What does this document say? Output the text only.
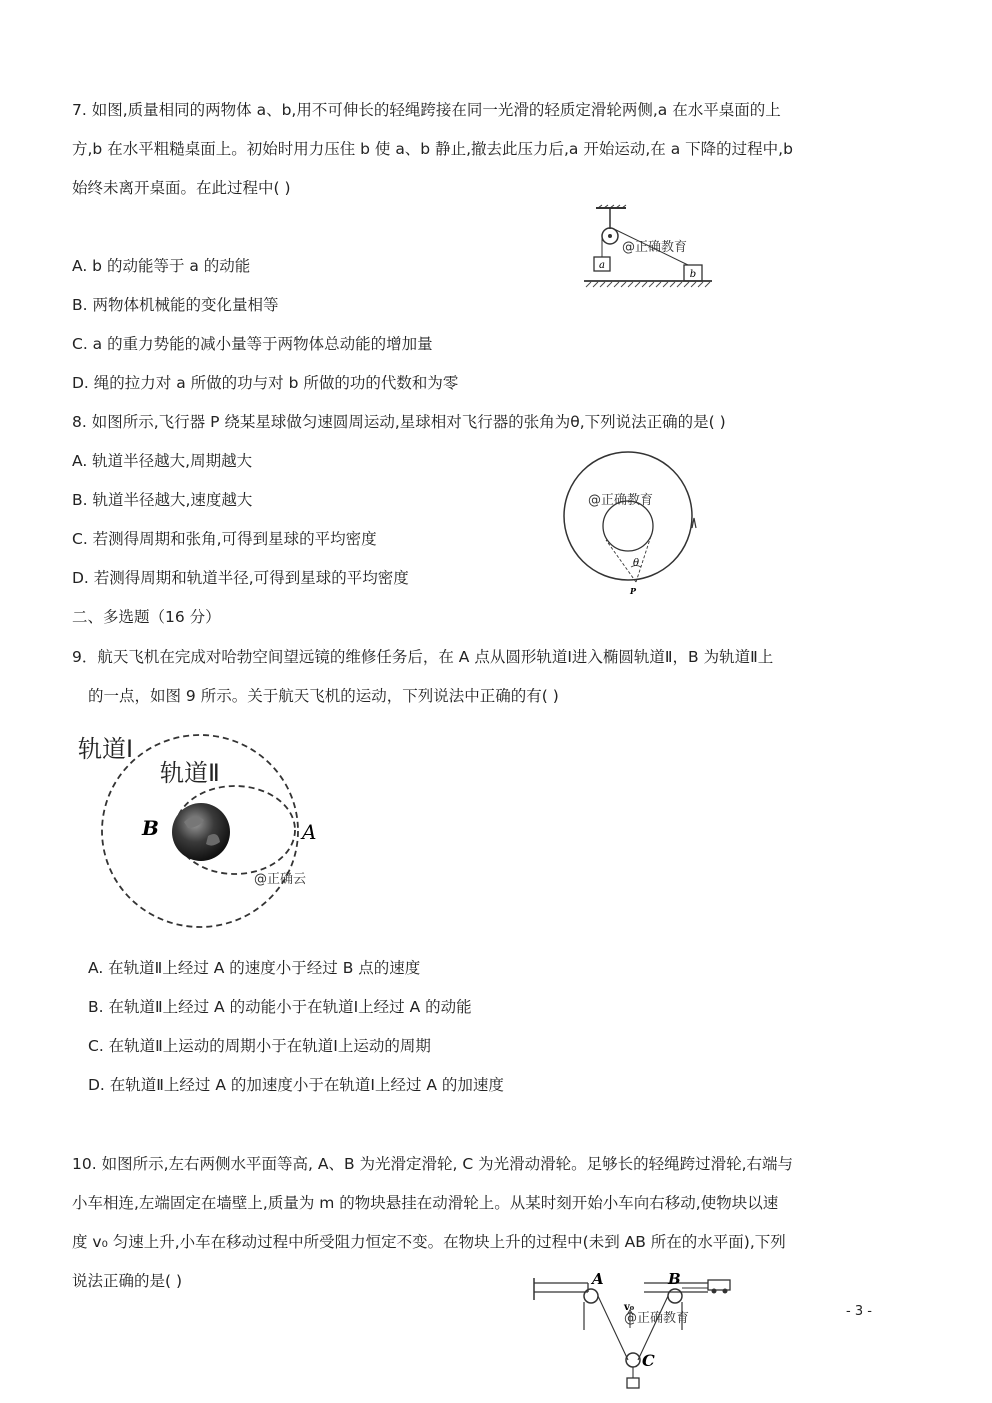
7. 如图,质量相同的两物体 a、b,用不可伸长的轻绳跨接在同一光滑的轻质定滑轮两侧,a 在水平桌面的上
方,b 在水平粗糙桌面上。初始时用力压住 b 使 a、b 静止,撤去此压力后,a 开始运动,在 a 下降的过程中,b
始终未离开桌面。在此过程中( )
a
b
@正确教育
A. b 的动能等于 a 的动能
B. 两物体机械能的变化量相等
C. a 的重力势能的减小量等于两物体总动能的增加量
D. 绳的拉力对 a 所做的功与对 b 所做的功的代数和为零
8. 如图所示,飞行器 P 绕某星球做匀速圆周运动,星球相对飞行器的张角为θ,下列说法正确的是( )
A. 轨道半径越大,周期越大
B. 轨道半径越大,速度越大
C. 若测得周期和张角,可得到星球的平均密度
D. 若测得周期和轨道半径,可得到星球的平均密度
θ
P
@正确教育
二、多选题（16 分）
9．航天飞机在完成对哈勃空间望远镜的维修任务后，在 A 点从圆形轨道Ⅰ进入椭圆轨道Ⅱ，B 为轨道Ⅱ上
的一点，如图 9 所示。关于航天飞机的运动，下列说法中正确的有( )
轨道Ⅰ
轨道Ⅱ
B	A
@正确云
A. 在轨道Ⅱ上经过 A 的速度小于经过 B 点的速度
B. 在轨道Ⅱ上经过 A 的动能小于在轨道Ⅰ上经过 A 的动能
C. 在轨道Ⅱ上运动的周期小于在轨道Ⅰ上运动的周期
D. 在轨道Ⅱ上经过 A 的加速度小于在轨道Ⅰ上经过 A 的加速度
10. 如图所示,左右两侧水平面等高, A、B 为光滑定滑轮, C 为光滑动滑轮。足够长的轻绳跨过滑轮,右端与
小车相连,左端固定在墙壁上,质量为 m 的物块悬挂在动滑轮上。从某时刻开始小车向右移动,使物块以速
度 v₀ 匀速上升,小车在移动过程中所受阻力恒定不变。在物块上升的过程中(未到 AB 所在的水平面),下列
说法正确的是( )	A	B
C
v₀
@正确教育	- 3 -
